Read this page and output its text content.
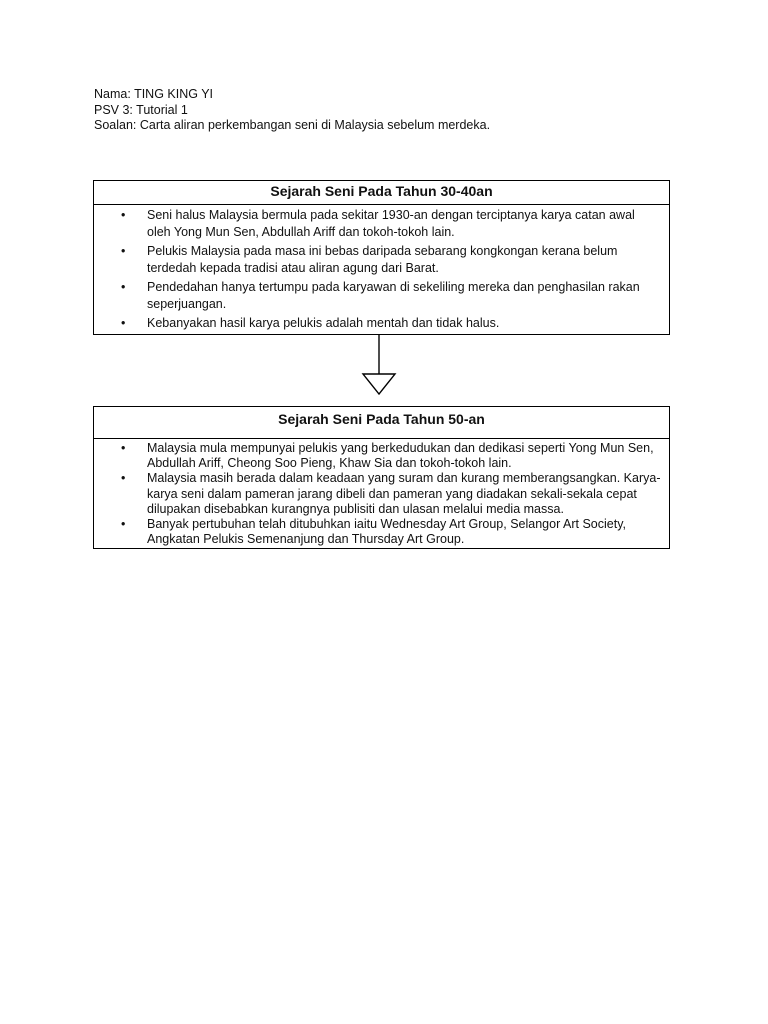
Nama: TING KING YI
PSV 3: Tutorial 1
Soalan: Carta aliran perkembangan seni di Malaysia sebelum merdeka.
Sejarah Seni Pada Tahun 30-40an
• Seni halus Malaysia bermula pada sekitar 1930-an dengan terciptanya karya catan awal oleh Yong Mun Sen, Abdullah Ariff dan tokoh-tokoh lain.
• Pelukis Malaysia pada masa ini bebas daripada sebarang kongkongan kerana belum terdedah kepada tradisi atau aliran agung dari Barat.
• Pendedahan hanya tertumpu pada karyawan di sekeliling mereka dan penghasilan rakan seperjuangan.
• Kebanyakan hasil karya pelukis adalah mentah dan tidak halus.
Sejarah Seni Pada Tahun 50-an
• Malaysia mula mempunyai pelukis yang berkedudukan dan dedikasi seperti Yong Mun Sen, Abdullah Ariff, Cheong Soo Pieng, Khaw Sia dan tokoh-tokoh lain.
• Malaysia masih berada dalam keadaan yang suram dan kurang memberangsangkan. Karya-karya seni dalam pameran jarang dibeli dan pameran yang diadakan sekali-sekala cepat dilupakan disebabkan kurangnya publisiti dan ulasan melalui media massa.
• Banyak pertubuhan telah ditubuhkan iaitu Wednesday Art Group, Selangor Art Society, Angkatan Pelukis Semenanjung dan Thursday Art Group.
